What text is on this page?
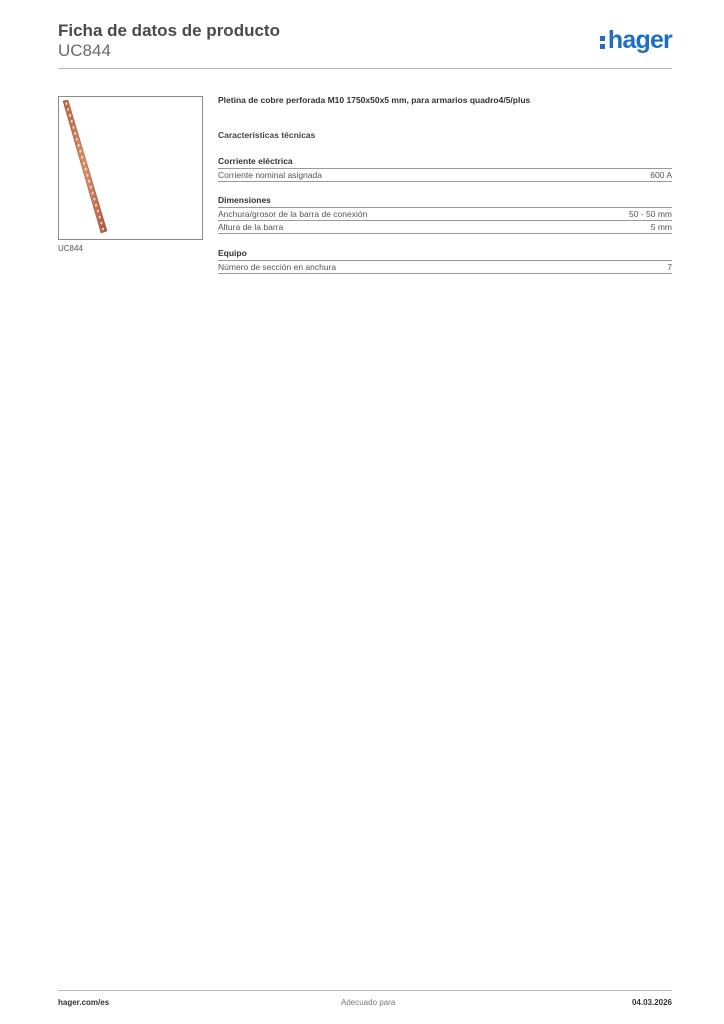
Ficha de datos de producto
UC844	hager
UC844
Pletina de cobre perforada M10 1750x50x5 mm, para armarios quadro4/5/plus
Características técnicas
Corriente eléctrica
Corriente nominal asignada	600 A
Dimensiones
Anchura/grosor de la barra de conexión	50 - 50 mm
Altura de la barra	5 mm
Equipo
Número de sección en anchura	7
hager.com/es	Adecuado para	04.03.2026
